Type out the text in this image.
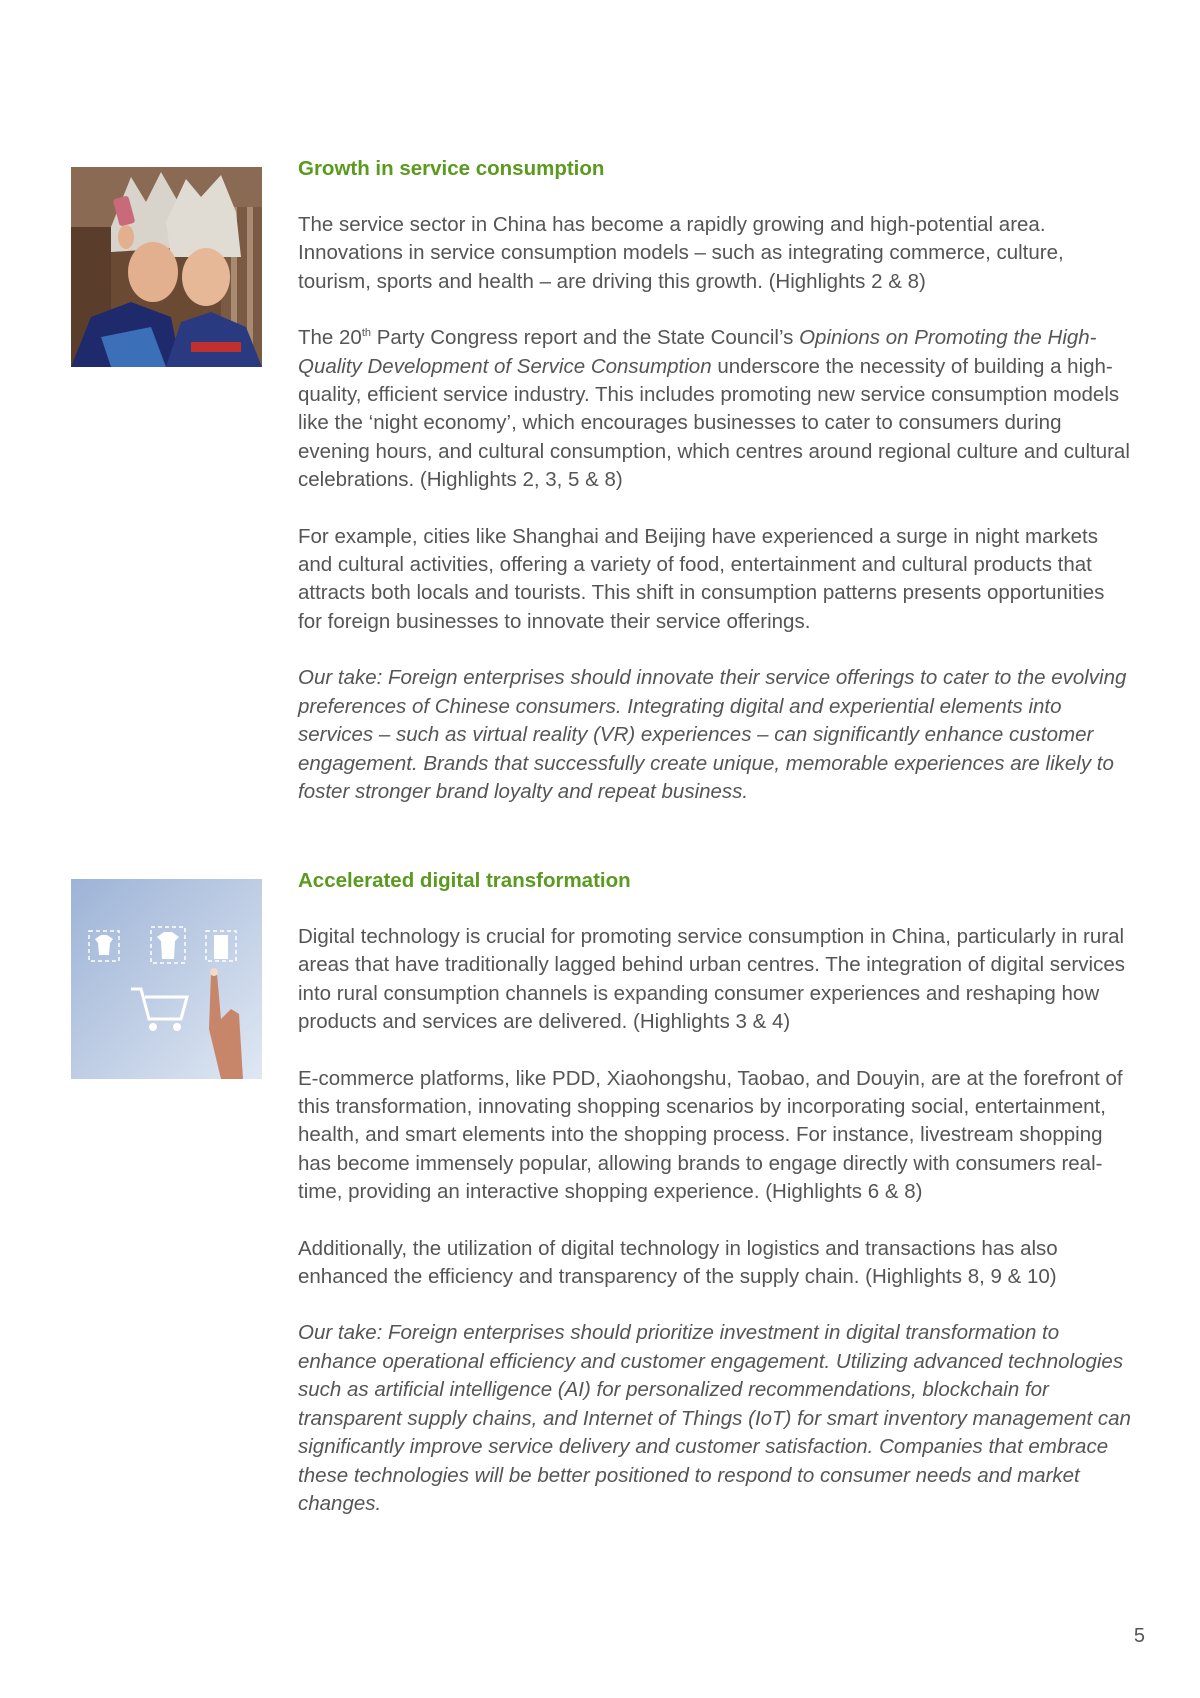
Growth in service consumption

The service sector in China has become a rapidly growing and high-potential area. Innovations in service consumption models – such as integrating commerce, culture, tourism, sports and health – are driving this growth. (Highlights 2 & 8)

The 20th Party Congress report and the State Council’s Opinions on Promoting the High-Quality Development of Service Consumption underscore the necessity of building a high-quality, efficient service industry. This includes promoting new service consumption models like the ‘night economy’, which encourages businesses to cater to consumers during evening hours, and cultural consumption, which centres around regional culture and cultural celebrations. (Highlights 2, 3, 5 & 8)

For example, cities like Shanghai and Beijing have experienced a surge in night markets and cultural activities, offering a variety of food, entertainment and cultural products that attracts both locals and tourists. This shift in consumption patterns presents opportunities for foreign businesses to innovate their service offerings.

Our take: Foreign enterprises should innovate their service offerings to cater to the evolving preferences of Chinese consumers. Integrating digital and experiential elements into services – such as virtual reality (VR) experiences – can significantly enhance customer engagement. Brands that successfully create unique, memorable experiences are likely to foster stronger brand loyalty and repeat business.

Accelerated digital transformation

Digital technology is crucial for promoting service consumption in China, particularly in rural areas that have traditionally lagged behind urban centres. The integration of digital services into rural consumption channels is expanding consumer experiences and reshaping how products and services are delivered. (Highlights 3 & 4)

E-commerce platforms, like PDD, Xiaohongshu, Taobao, and Douyin, are at the forefront of this transformation, innovating shopping scenarios by incorporating social, entertainment, health, and smart elements into the shopping process. For instance, livestream shopping has become immensely popular, allowing brands to engage directly with consumers real-time, providing an interactive shopping experience. (Highlights 6 & 8)

Additionally, the utilization of digital technology in logistics and transactions has also enhanced the efficiency and transparency of the supply chain. (Highlights 8, 9 & 10)

Our take: Foreign enterprises should prioritize investment in digital transformation to enhance operational efficiency and customer engagement. Utilizing advanced technologies such as artificial intelligence (AI) for personalized recommendations, blockchain for transparent supply chains, and Internet of Things (IoT) for smart inventory management can significantly improve service delivery and customer satisfaction. Companies that embrace these technologies will be better positioned to respond to consumer needs and market changes.

5
